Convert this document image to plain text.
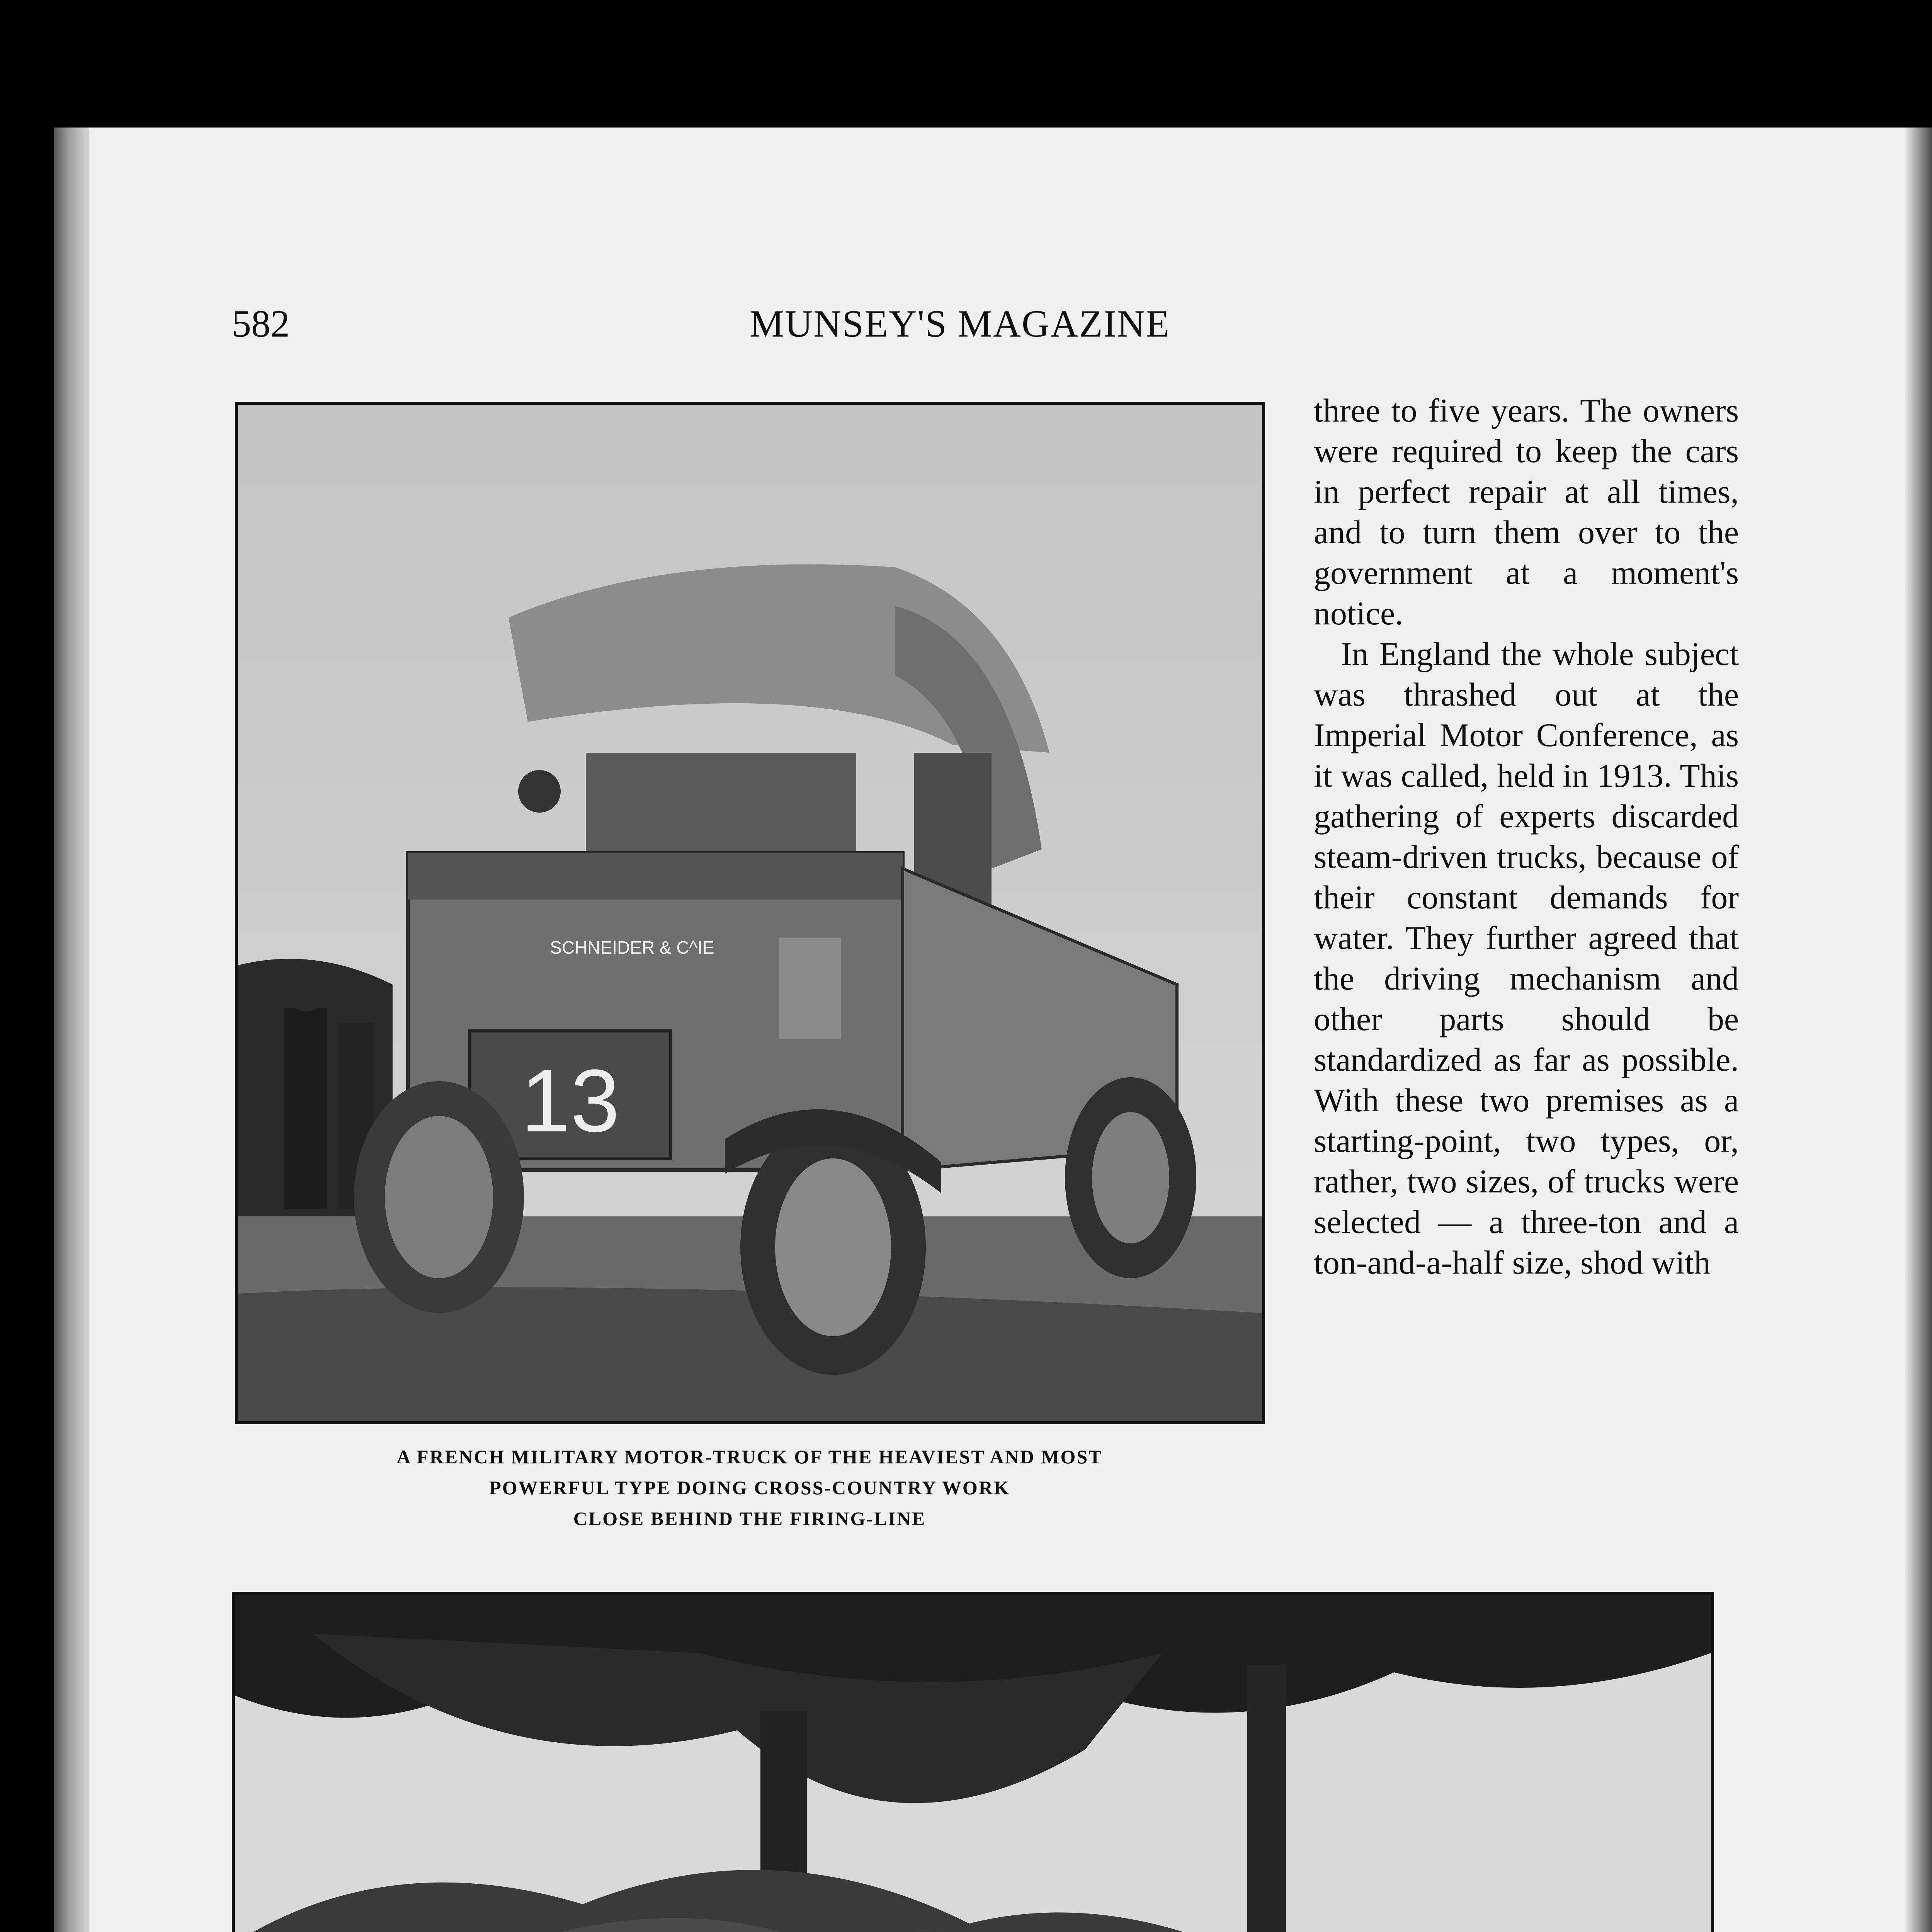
582	MUNSEY'S MAGAZINE
13
SCHNEIDER & C^IE
A FRENCH MILITARY MOTOR-TRUCK OF THE HEAVIEST AND MOST
POWERFUL TYPE DOING CROSS-COUNTRY WORK
CLOSE BEHIND THE FIRING-LINE

three to five years. The owners were required to keep the cars in perfect repair at all times, and to turn them over to the government at a moment's notice.

In England the whole subject was thrashed out at the Imperial Motor Conference, as it was called, held in 1913. This gathering of experts discarded steam-driven trucks, because of their constant demands for water. They further agreed that the driving mechanism and other parts should be standardized as far as possible. With these two premises as a starting-point, two types, or, rather, two sizes, of trucks were selected — a three-ton and a ton-and-a-half size, shod with
